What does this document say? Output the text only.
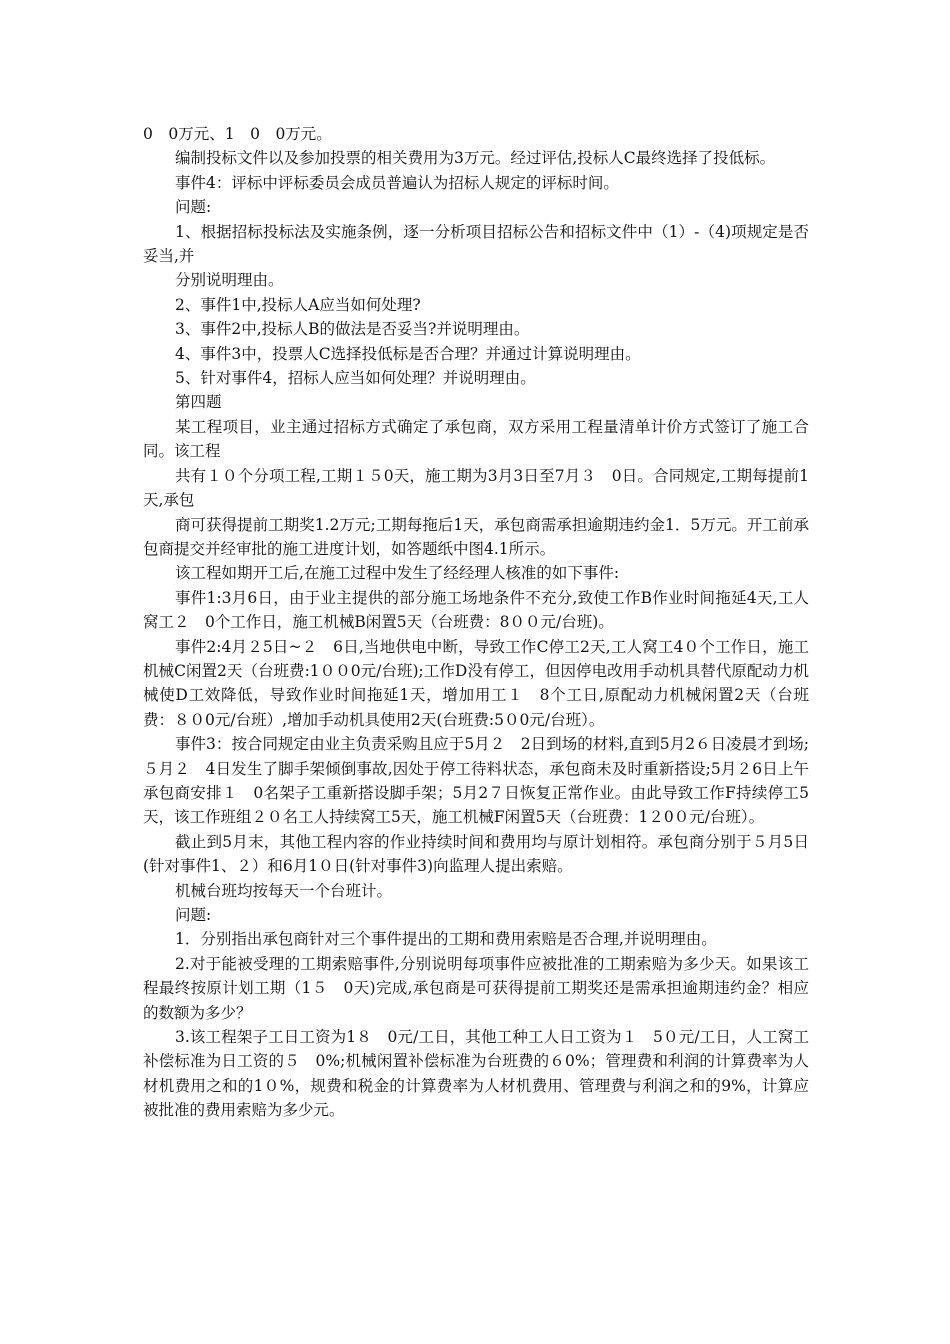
0　0万元、1　0　0万元。

编制投标文件以及参加投票的相关费用为3万元。经过评估,投标人C最终选择了投低标。

事件4：评标中评标委员会成员普遍认为招标人规定的评标时间。

问题:

1、根据招标投标法及实施条例，逐一分析项目招标公告和招标文件中（1）-（4)项规定是否妥当,并

分别说明理由。

2、事件1中,投标人A应当如何处理?

3、事件2中,投标人B的做法是否妥当?并说明理由。

4、事件3中，投票人C选择投低标是否合理？并通过计算说明理由。

5、针对事件4，招标人应当如何处理？并说明理由。

第四题

某工程项目，业主通过招标方式确定了承包商，双方采用工程量清单计价方式签订了施工合同。该工程

共有１０个分项工程,工期１５0天，施工期为3月3日至7月３　0日。合同规定,工期每提前1天,承包

商可获得提前工期奖1.2万元;工期每拖后1天，承包商需承担逾期违约金1．5万元。开工前承包商提交并经审批的施工进度计划，如答题纸中图4.1所示。

该工程如期开工后,在施工过程中发生了经经理人核准的如下事件:

事件1:3月6日，由于业主提供的部分施工场地条件不充分,致使工作B作业时间拖延4天,工人窝工２　0个工作日，施工机械B闲置5天（台班费：8００元/台班)。

事件2:4月２5日~２　6日,当地供电中断，导致工作C停工2天,工人窝工4０个工作日，施工机械C闲置2天（台班费:1００0元/台班);工作D没有停工，但因停电改用手动机具替代原配动力机械使D工效降低，导致作业时间拖延1天，增加用工１　8个工日,原配动力机械闲置2天（台班费：８０0元/台班）,增加手动机具使用2天(台班费:5０0元/台班）。

事件3：按合同规定由业主负责采购且应于5月２　2日到场的材料,直到5月2６日凌晨才到场;５月２　4日发生了脚手架倾倒事故,因处于停工待料状态，承包商未及时重新搭设;5月２6日上午承包商安排１　0名架子工重新搭设脚手架；5月2７日恢复正常作业。由此导致工作F持续停工5天，该工作班组２０名工人持续窝工5天，施工机械F闲置5天（台班费：1２0０元/台班）。

截止到5月末，其他工程内容的作业持续时间和费用均与原计划相符。承包商分别于５月5日(针对事件1、２）和6月1０日(针对事件3)向监理人提出索赔。

机械台班均按每天一个台班计。

问题:

1．分别指出承包商针对三个事件提出的工期和费用索赔是否合理,并说明理由。

2.对于能被受理的工期索赔事件,分别说明每项事件应被批准的工期索赔为多少天。如果该工程最终按原计划工期（1５　0天)完成,承包商是可获得提前工期奖还是需承担逾期违约金？相应的数额为多少？

3.该工程架子工日工资为1８　0元/工日，其他工种工人日工资为１　5０元/工日，人工窝工补偿标准为日工资的５　0%;机械闲置补偿标准为台班费的６0%；管理费和利润的计算费率为人材机费用之和的1０%，规费和税金的计算费率为人材机费用、管理费与利润之和的9%，计算应被批准的费用索赔为多少元。
